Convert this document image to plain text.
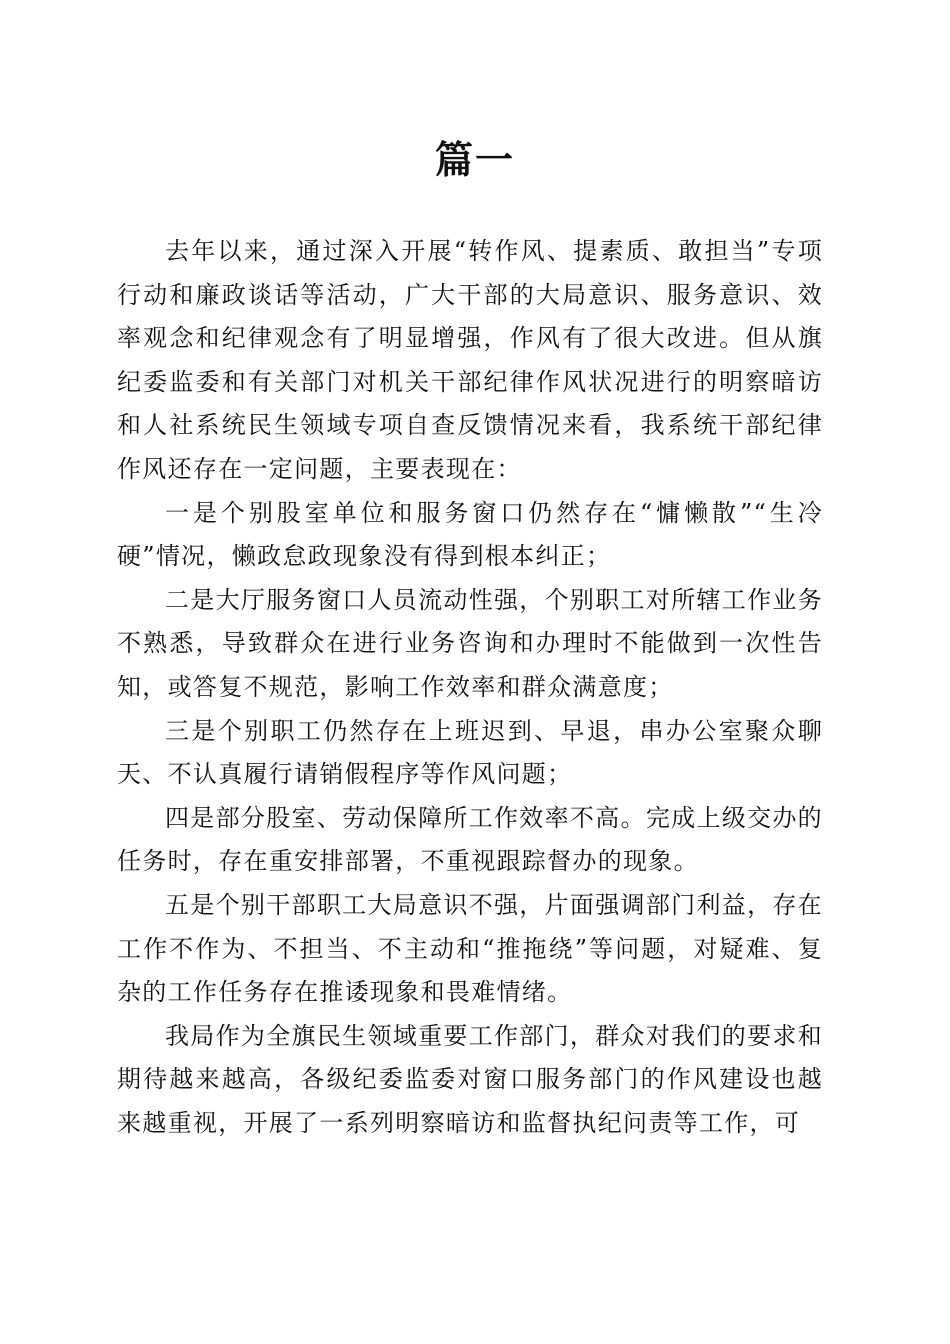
篇一

去年以来，通过深入开展“转作风、提素质、敢担当”专项行动和廉政谈话等活动，广大干部的大局意识、服务意识、效率观念和纪律观念有了明显增强，作风有了很大改进。但从旗纪委监委和有关部门对机关干部纪律作风状况进行的明察暗访和人社系统民生领域专项自查反馈情况来看，我系统干部纪律作风还存在一定问题，主要表现在：

一是个别股室单位和服务窗口仍然存在“慵懒散”“生冷硬”情况，懒政怠政现象没有得到根本纠正；

二是大厅服务窗口人员流动性强，个别职工对所辖工作业务不熟悉，导致群众在进行业务咨询和办理时不能做到一次性告知，或答复不规范，影响工作效率和群众满意度；

三是个别职工仍然存在上班迟到、早退，串办公室聚众聊天、不认真履行请销假程序等作风问题；

四是部分股室、劳动保障所工作效率不高。完成上级交办的任务时，存在重安排部署，不重视跟踪督办的现象。

五是个别干部职工大局意识不强，片面强调部门利益，存在工作不作为、不担当、不主动和“推拖绕”等问题，对疑难、复杂的工作任务存在推诿现象和畏难情绪。

我局作为全旗民生领域重要工作部门，群众对我们的要求和期待越来越高，各级纪委监委对窗口服务部门的作风建设也越来越重视，开展了一系列明察暗访和监督执纪问责等工作，可
